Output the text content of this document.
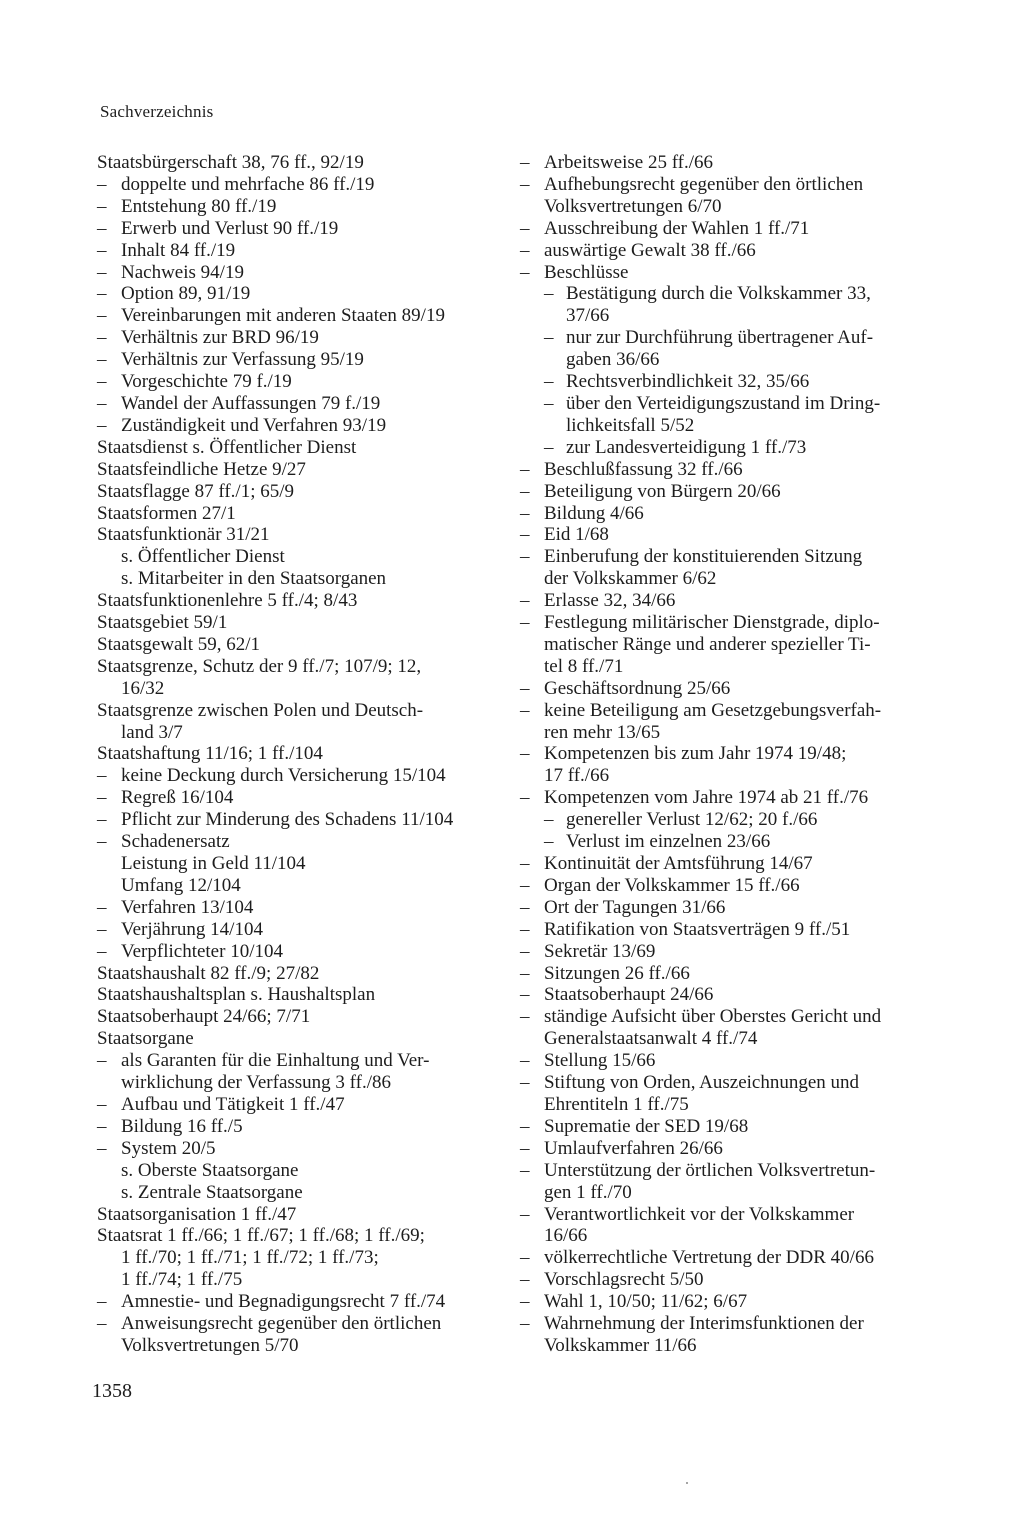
Sachverzeichnis
Staatsbürgerschaft 38, 76 ff., 92/19
– doppelte und mehrfache 86 ff./19
– Entstehung 80 ff./19
– Erwerb und Verlust 90 ff./19
– Inhalt 84 ff./19
– Nachweis 94/19
– Option 89, 91/19
– Vereinbarungen mit anderen Staaten 89/19
– Verhältnis zur BRD 96/19
– Verhältnis zur Verfassung 95/19
– Vorgeschichte 79 f./19
– Wandel der Auffassungen 79 f./19
– Zuständigkeit und Verfahren 93/19
Staatsdienst s. Öffentlicher Dienst
Staatsfeindliche Hetze 9/27
Staatsflagge 87 ff./1; 65/9
Staatsformen 27/1
Staatsfunktionär 31/21
s. Öffentlicher Dienst
s. Mitarbeiter in den Staatsorganen
Staatsfunktionenlehre 5 ff./4; 8/43
Staatsgebiet 59/1
Staatsgewalt 59, 62/1
Staatsgrenze, Schutz der 9 ff./7; 107/9; 12,
16/32
Staatsgrenze zwischen Polen und Deutsch-
land 3/7
Staatshaftung 11/16; 1 ff./104
– keine Deckung durch Versicherung 15/104
– Regreß 16/104
– Pflicht zur Minderung des Schadens 11/104
– Schadenersatz
Leistung in Geld 11/104
Umfang 12/104
– Verfahren 13/104
– Verjährung 14/104
– Verpflichteter 10/104
Staatshaushalt 82 ff./9; 27/82
Staatshaushaltsplan s. Haushaltsplan
Staatsoberhaupt 24/66; 7/71
Staatsorgane
– als Garanten für die Einhaltung und Ver-
wirklichung der Verfassung 3 ff./86
– Aufbau und Tätigkeit 1 ff./47
– Bildung 16 ff./5
– System 20/5
s. Oberste Staatsorgane
s. Zentrale Staatsorgane
Staatsorganisation 1 ff./47
Staatsrat 1 ff./66; 1 ff./67; 1 ff./68; 1 ff./69;
1 ff./70; 1 ff./71; 1 ff./72; 1 ff./73;
1 ff./74; 1 ff./75
– Amnestie- und Begnadigungsrecht 7 ff./74
– Anweisungsrecht gegenüber den örtlichen
Volksvertretungen 5/70
– Arbeitsweise 25 ff./66
– Aufhebungsrecht gegenüber den örtlichen
Volksvertretungen 6/70
– Ausschreibung der Wahlen 1 ff./71
– auswärtige Gewalt 38 ff./66
– Beschlüsse
– Bestätigung durch die Volkskammer 33,
37/66
– nur zur Durchführung übertragener Auf-
gaben 36/66
– Rechtsverbindlichkeit 32, 35/66
– über den Verteidigungszustand im Dring-
lichkeitsfall 5/52
– zur Landesverteidigung 1 ff./73
– Beschlußfassung 32 ff./66
– Beteiligung von Bürgern 20/66
– Bildung 4/66
– Eid 1/68
– Einberufung der konstituierenden Sitzung
der Volkskammer 6/62
– Erlasse 32, 34/66
– Festlegung militärischer Dienstgrade, diplo-
matischer Ränge und anderer spezieller Ti-
tel 8 ff./71
– Geschäftsordnung 25/66
– keine Beteiligung am Gesetzgebungsverfah-
ren mehr 13/65
– Kompetenzen bis zum Jahr 1974 19/48;
17 ff./66
– Kompetenzen vom Jahre 1974 ab 21 ff./76
– genereller Verlust 12/62; 20 f./66
– Verlust im einzelnen 23/66
– Kontinuität der Amtsführung 14/67
– Organ der Volkskammer 15 ff./66
– Ort der Tagungen 31/66
– Ratifikation von Staatsverträgen 9 ff./51
– Sekretär 13/69
– Sitzungen 26 ff./66
– Staatsoberhaupt 24/66
– ständige Aufsicht über Oberstes Gericht und
Generalstaatsanwalt 4 ff./74
– Stellung 15/66
– Stiftung von Orden, Auszeichnungen und
Ehrentiteln 1 ff./75
– Suprematie der SED 19/68
– Umlaufverfahren 26/66
– Unterstützung der örtlichen Volksvertretun-
gen 1 ff./70
– Verantwortlichkeit vor der Volkskammer
16/66
– völkerrechtliche Vertretung der DDR 40/66
– Vorschlagsrecht 5/50
– Wahl 1, 10/50; 11/62; 6/67
– Wahrnehmung der Interimsfunktionen der
Volkskammer 11/66
1358
